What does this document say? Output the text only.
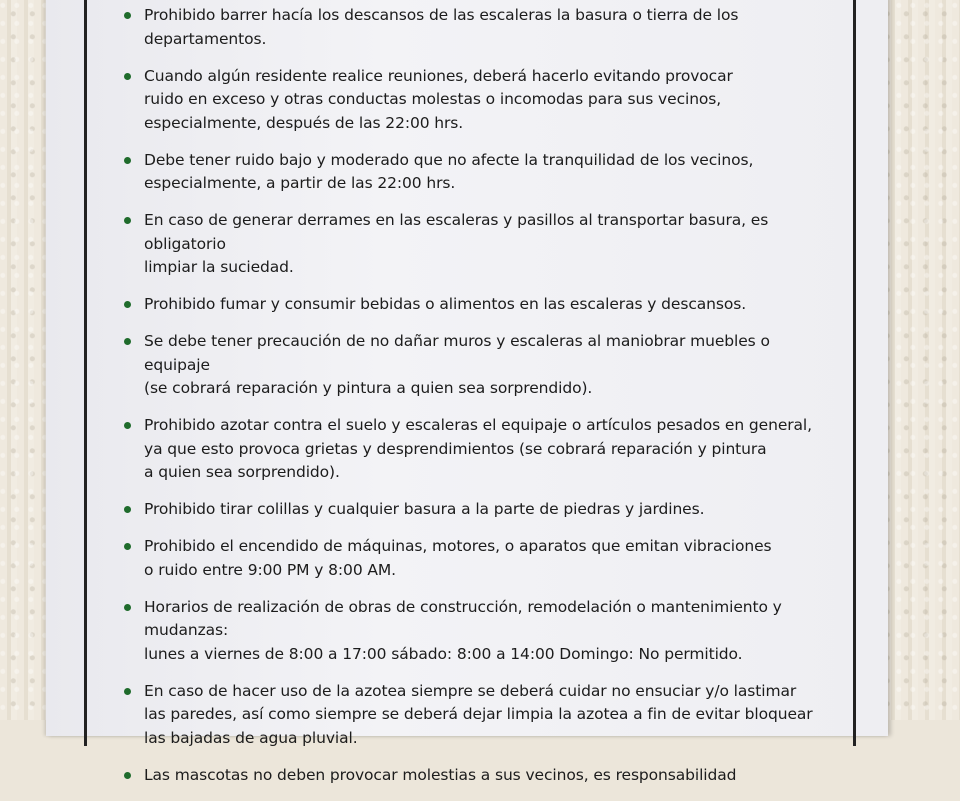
Prohibido barrer hacía los descansos de las escaleras la basura o tierra de los departamentos.
Cuando algún residente realice reuniones, deberá hacerlo evitando provocar
ruido en exceso y otras conductas molestas o incomodas para sus vecinos,
especialmente, después de las 22:00 hrs.
Debe tener ruido bajo y moderado que no afecte la tranquilidad de los vecinos,
especialmente, a partir de las 22:00 hrs.
En caso de generar derrames en las escaleras y pasillos al transportar basura, es obligatorio
limpiar la suciedad.
Prohibido fumar y consumir bebidas o alimentos en las escaleras y descansos.
Se debe tener precaución de no dañar muros y escaleras al maniobrar muebles o equipaje
(se cobrará reparación y pintura a quien sea sorprendido).
Prohibido azotar contra el suelo y escaleras el equipaje o artículos pesados en general,
ya que esto provoca grietas y desprendimientos (se cobrará reparación y pintura
a quien sea sorprendido).
Prohibido tirar colillas y cualquier basura a la parte de piedras y jardines.
Prohibido el encendido de máquinas, motores, o aparatos que emitan vibraciones
o ruido entre 9:00 PM y 8:00 AM.
Horarios de realización de obras de construcción, remodelación o mantenimiento y mudanzas:
lunes a viernes de 8:00 a 17:00 sábado: 8:00 a 14:00 Domingo: No permitido.
En caso de hacer uso de la azotea siempre se deberá cuidar no ensuciar y/o lastimar
las paredes, así como siempre se deberá dejar limpia la azotea a fin de evitar bloquear
las bajadas de agua pluvial.
Las mascotas no deben provocar molestias a sus vecinos, es responsabilidad
